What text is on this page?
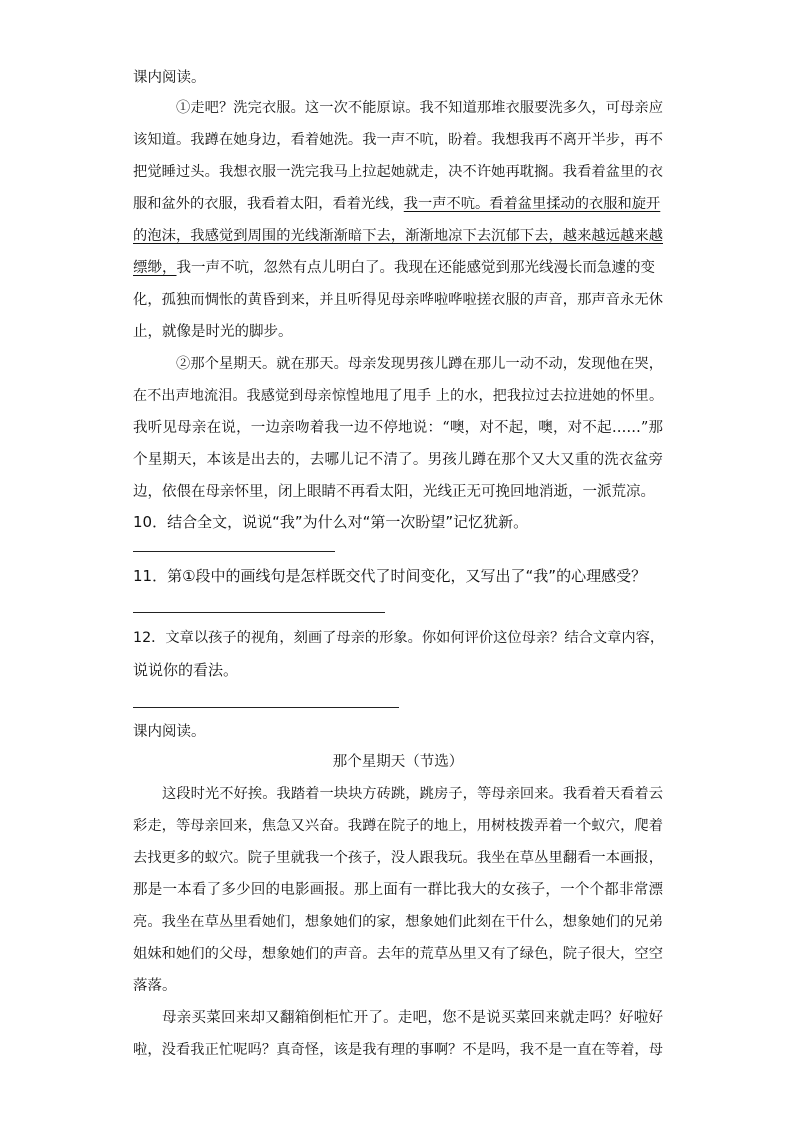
课内阅读。
①走吧？洗完衣服。这一次不能原谅。我不知道那堆衣服要洗多久，可母亲应
该知道。我蹲在她身边，看着她洗。我一声不吭，盼着。我想我再不离开半步，再不
把觉睡过头。我想衣服一洗完我马上拉起她就走，决不许她再耽搁。我看着盆里的衣
服和盆外的衣服，我看着太阳，看着光线，我一声不吭。看着盆里揉动的衣服和旋开
的泡沫，我感觉到周围的光线渐渐暗下去，渐渐地凉下去沉郁下去，越来越远越来越
缥缈，我一声不吭，忽然有点儿明白了。我现在还能感觉到那光线漫长而急遽的变
化，孤独而惆怅的黄昏到来，并且听得见母亲哗啦哗啦搓衣服的声音，那声音永无休
止，就像是时光的脚步。
②那个星期天。就在那天。母亲发现男孩儿蹲在那儿一动不动，发现他在哭，
在不出声地流泪。我感觉到母亲惊惶地甩了甩手 上的水，把我拉过去拉进她的怀里。
我听见母亲在说，一边亲吻着我一边不停地说：“噢，对不起，噢，对不起……”那
个星期天，本该是出去的，去哪儿记不清了。男孩儿蹲在那个又大又重的洗衣盆旁
边，依偎在母亲怀里，闭上眼睛不再看太阳，光线正无可挽回地消逝，一派荒凉。
10．结合全文，说说“我”为什么对“第一次盼望”记忆犹新。
11．第①段中的画线句是怎样既交代了时间变化，又写出了“我”的心理感受？
12．文章以孩子的视角，刻画了母亲的形象。你如何评价这位母亲？结合文章内容，
说说你的看法。
课内阅读。
那个星期天（节选）
这段时光不好挨。我踏着一块块方砖跳，跳房子，等母亲回来。我看着天看着云
彩走，等母亲回来，焦急又兴奋。我蹲在院子的地上，用树枝拨弄着一个蚁穴，爬着
去找更多的蚁穴。院子里就我一个孩子，没人跟我玩。我坐在草丛里翻看一本画报，
那是一本看了多少回的电影画报。那上面有一群比我大的女孩子，一个个都非常漂
亮。我坐在草丛里看她们，想象她们的家，想象她们此刻在干什么，想象她们的兄弟
姐妹和她们的父母，想象她们的声音。去年的荒草丛里又有了绿色，院子很大，空空
落落。
母亲买菜回来却又翻箱倒柜忙开了。走吧，您不是说买菜回来就走吗？好啦好
啦，没看我正忙呢吗？真奇怪，该是我有理的事啊？不是吗，我不是一直在等着，母
